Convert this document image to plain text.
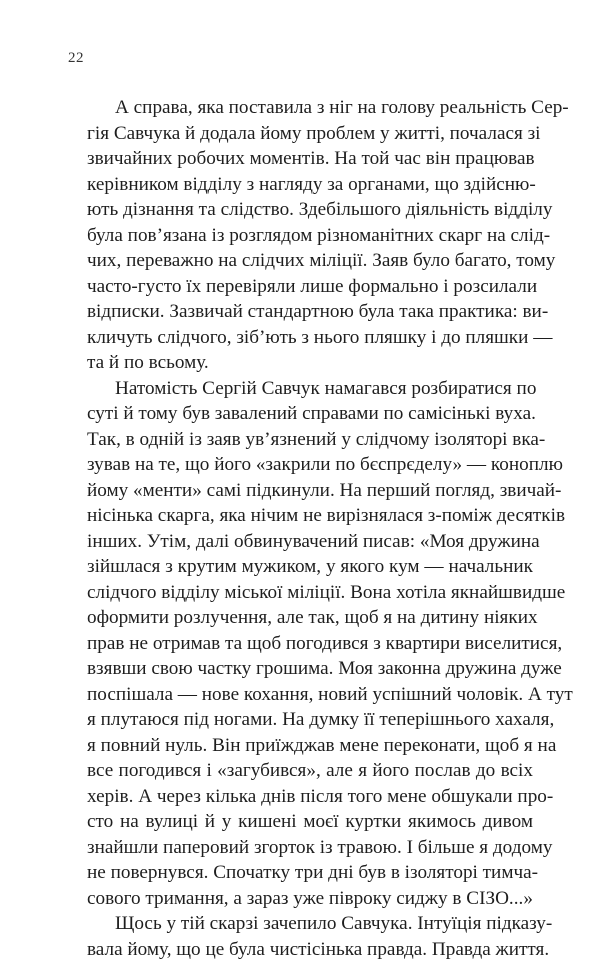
22
А справа, яка поставила з ніг на голову реальність Сер-
гія Савчука й додала йому проблем у житті, почалася зі
звичайних робочих моментів. На той час він працював
керівником відділу з нагляду за органами, що здійсню-
ють дізнання та слідство. Здебільшого діяльність відділу
була пов’язана із розглядом різноманітних скарг на слід-
чих, переважно на слідчих міліції. Заяв було багато, тому
часто-густо їх перевіряли лише формально і розсилали
відписки. Зазвичай стандартною була така практика: ви-
кличуть слідчого, зіб’ють з нього пляшку і до пляшки —
та й по всьому.
Натомість Сергій Савчук намагався розбиратися по
суті й тому був завалений справами по самісінькі вуха.
Так, в одній із заяв ув’язнений у слідчому ізоляторі вка-
зував на те, що його «закрили по бєспрєделу» — коноплю
йому «менти» самі підкинули. На перший погляд, звичай-
нісінька скарга, яка нічим не вирізнялася з-поміж десятків
інших. Утім, далі обвинувачений писав: «Моя дружина
зійшлася з крутим мужиком, у якого кум — начальник
слідчого відділу міської міліції. Вона хотіла якнайшвидше
оформити розлучення, але так, щоб я на дитину ніяких
прав не отримав та щоб погодився з квартири виселитися,
взявши свою частку грошима. Моя законна дружина дуже
поспішала — нове кохання, новий успішний чоловік. А тут
я плутаюся під ногами. На думку її теперішнього хахаля,
я повний нуль. Він приїжджав мене переконати, щоб я на
все погодився і «загубився», але я його послав до всіх
херів. А через кілька днів після того мене обшукали про-
сто на вулиці й у кишені моєї куртки якимось дивом
знайшли паперовий згорток із травою. І більше я додому
не повернувся. Спочатку три дні був в ізоляторі тимча-
сового тримання, а зараз уже півроку сиджу в СІЗО...»
Щось у тій скарзі зачепило Савчука. Інтуїція підказу-
вала йому, що це була чистісінька правда. Правда життя.
